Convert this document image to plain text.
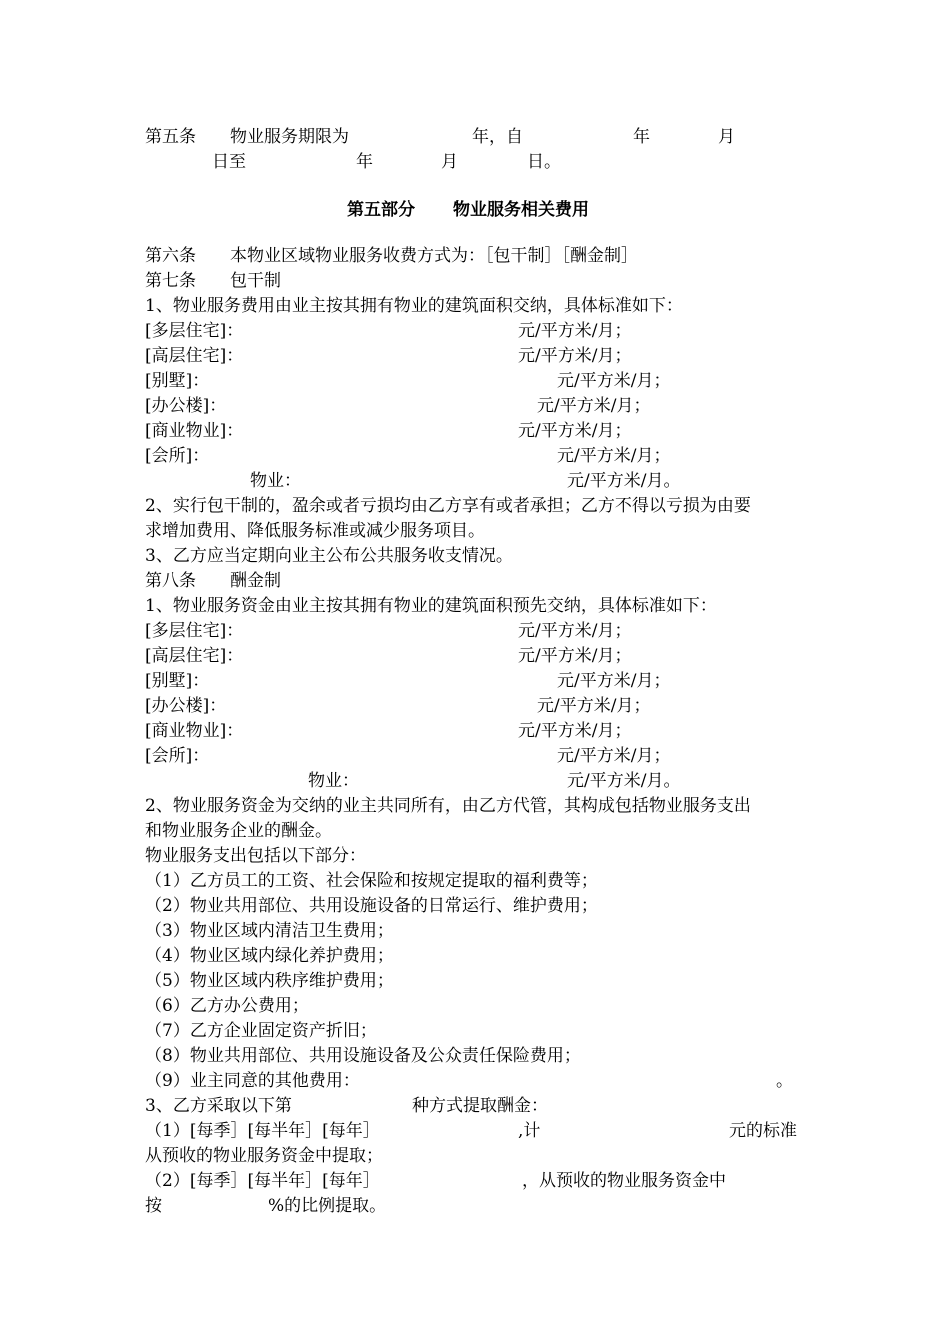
第五条 物业服务期限为	年，自	年	月
日至	年	月	日。
第五部分 物业服务相关费用
第六条 本物业区域物业服务收费方式为：［包干制］［酬金制］
第七条 包干制
1、物业服务费用由业主按其拥有物业的建筑面积交纳，具体标准如下：
[多层住宅]：	元/平方米/月；
[高层住宅]：	元/平方米/月；
[别墅]：	元/平方米/月；
[办公楼]：	元/平方米/月；
[商业物业]：	元/平方米/月；
[会所]：	元/平方米/月；
物业：	元/平方米/月。
2、实行包干制的，盈余或者亏损均由乙方享有或者承担；乙方不得以亏损为由要
求增加费用、降低服务标准或减少服务项目。
3、乙方应当定期向业主公布公共服务收支情况。
第八条 酬金制
1、物业服务资金由业主按其拥有物业的建筑面积预先交纳，具体标准如下：
[多层住宅]：	元/平方米/月；
[高层住宅]：	元/平方米/月；
[别墅]：	元/平方米/月；
[办公楼]：	元/平方米/月；
[商业物业]：	元/平方米/月；
[会所]：	元/平方米/月；
物业：	元/平方米/月。
2、物业服务资金为交纳的业主共同所有，由乙方代管，其构成包括物业服务支出
和物业服务企业的酬金。
物业服务支出包括以下部分：
（1）乙方员工的工资、社会保险和按规定提取的福利费等；
（2）物业共用部位、共用设施设备的日常运行、维护费用；
（3）物业区域内清洁卫生费用；
（4）物业区域内绿化养护费用；
（5）物业区域内秩序维护费用；
（6）乙方办公费用；
（7）乙方企业固定资产折旧；
（8）物业共用部位、共用设施设备及公众责任保险费用；
（9）业主同意的其他费用：	。
3、乙方采取以下第	种方式提取酬金：
（1）[每季］[每半年］[每年］	,计	元的标准
从预收的物业服务资金中提取；
（2）[每季］[每半年］[每年］	，从预收的物业服务资金中
按	%的比例提取。
